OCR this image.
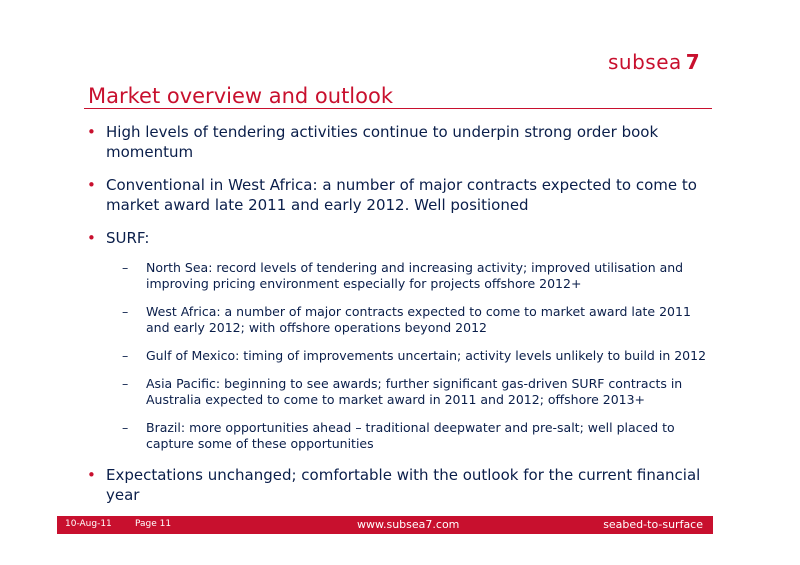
subsea 7
Market overview and outlook
• High levels of tendering activities continue to underpin strong order book momentum
• Conventional in West Africa: a number of major contracts expected to come to market award late 2011 and early 2012. Well positioned
• SURF:
– North Sea: record levels of tendering and increasing activity; improved utilisation and improving pricing environment especially for projects offshore 2012+
– West Africa: a number of major contracts expected to come to market award late 2011 and early 2012; with offshore operations beyond 2012
– Gulf of Mexico: timing of improvements uncertain; activity levels unlikely to build in 2012
– Asia Pacific: beginning to see awards; further significant gas-driven SURF contracts in Australia expected to come to market award in 2011 and 2012; offshore 2013+
– Brazil: more opportunities ahead – traditional deepwater and pre-salt; well placed to capture some of these opportunities
• Expectations unchanged; comfortable with the outlook for the current financial year
10-Aug-11	Page 11	www.subsea7.com	seabed-to-surface
